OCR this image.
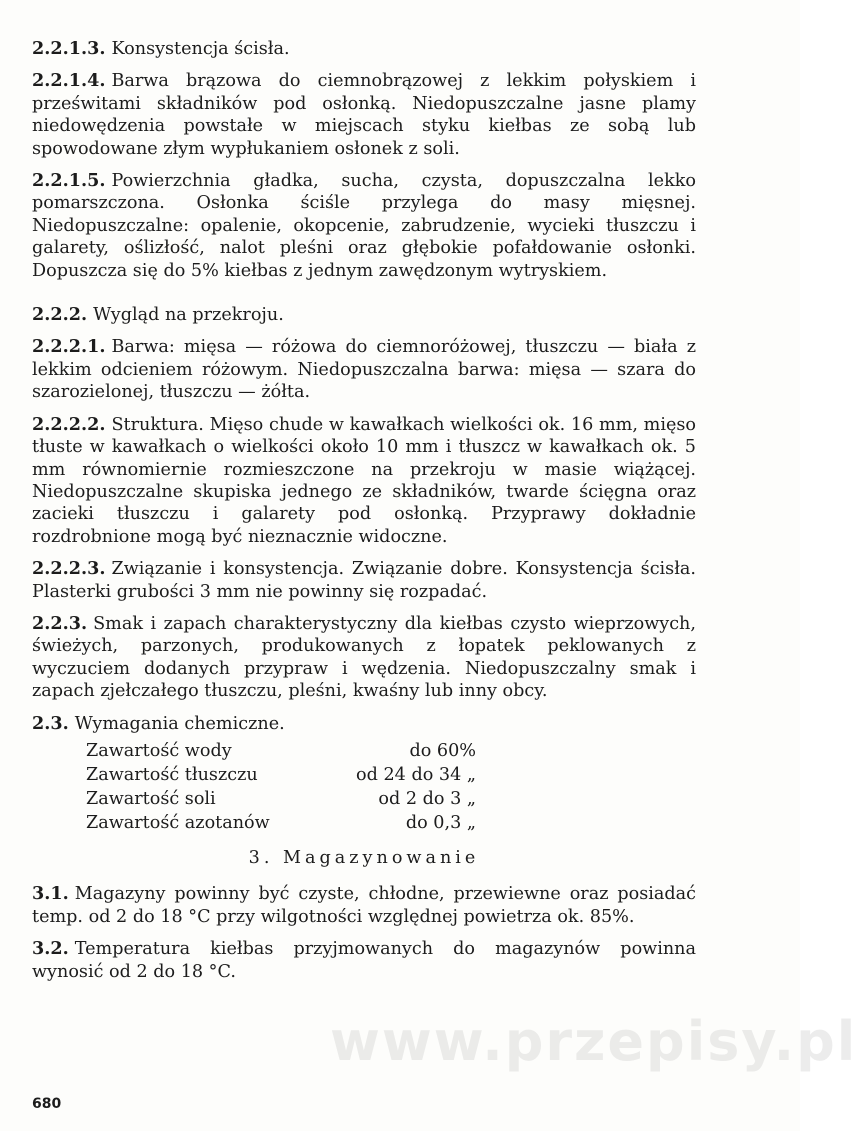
2.2.1.3. Konsystencja ścisła.

2.2.1.4. Barwa brązowa do ciemnobrązowej z lekkim połyskiem i prześwitami składników pod osłonką. Niedopuszczalne jasne plamy niedowędzenia powstałe w miejscach styku kiełbas ze sobą lub spowodowane złym wypłukaniem osłonek z soli.

2.2.1.5. Powierzchnia gładka, sucha, czysta, dopuszczalna lekko pomarszczona. Osłonka ściśle przylega do masy mięsnej. Niedopuszczalne: opalenie, okopcenie, zabrudzenie, wycieki tłuszczu i galarety, oślizłość, nalot pleśni oraz głębokie pofałdowanie osłonki. Dopuszcza się do 5% kiełbas z jednym zawędzonym wytryskiem.

2.2.2. Wygląd na przekroju.

2.2.2.1. Barwa: mięsa — różowa do ciemnoróżowej, tłuszczu — biała z lekkim odcieniem różowym. Niedopuszczalna barwa: mięsa — szara do szarozielonej, tłuszczu — żółta.

2.2.2.2. Struktura. Mięso chude w kawałkach wielkości ok. 16 mm, mięso tłuste w kawałkach o wielkości około 10 mm i tłuszcz w kawałkach ok. 5 mm równomiernie rozmieszczone na przekroju w masie wiążącej. Niedopuszczalne skupiska jednego ze składników, twarde ścięgna oraz zacieki tłuszczu i galarety pod osłonką. Przyprawy dokładnie rozdrobnione mogą być nieznacznie widoczne.

2.2.2.3. Związanie i konsystencja. Związanie dobre. Konsystencja ścisła. Plasterki grubości 3 mm nie powinny się rozpadać.

2.2.3. Smak i zapach charakterystyczny dla kiełbas czysto wieprzowych, świeżych, parzonych, produkowanych z łopatek peklowanych z wyczuciem dodanych przypraw i wędzenia. Niedopuszczalny smak i zapach zjełczałego tłuszczu, pleśni, kwaśny lub inny obcy.

2.3. Wymagania chemiczne.

Zawartość wody	do 60%
Zawartość tłuszczu	od 24 do 34 „
Zawartość soli	od 2 do 3 „
Zawartość azotanów	do 0,3 „
3. Magazynowanie

3.1. Magazyny powinny być czyste, chłodne, przewiewne oraz posiadać temp. od 2 do 18 °C przy wilgotności względnej powietrza ok. 85%.

3.2. Temperatura kiełbas przyjmowanych do magazynów powinna wynosić od 2 do 18 °C.

www.przepisy.pl
680
